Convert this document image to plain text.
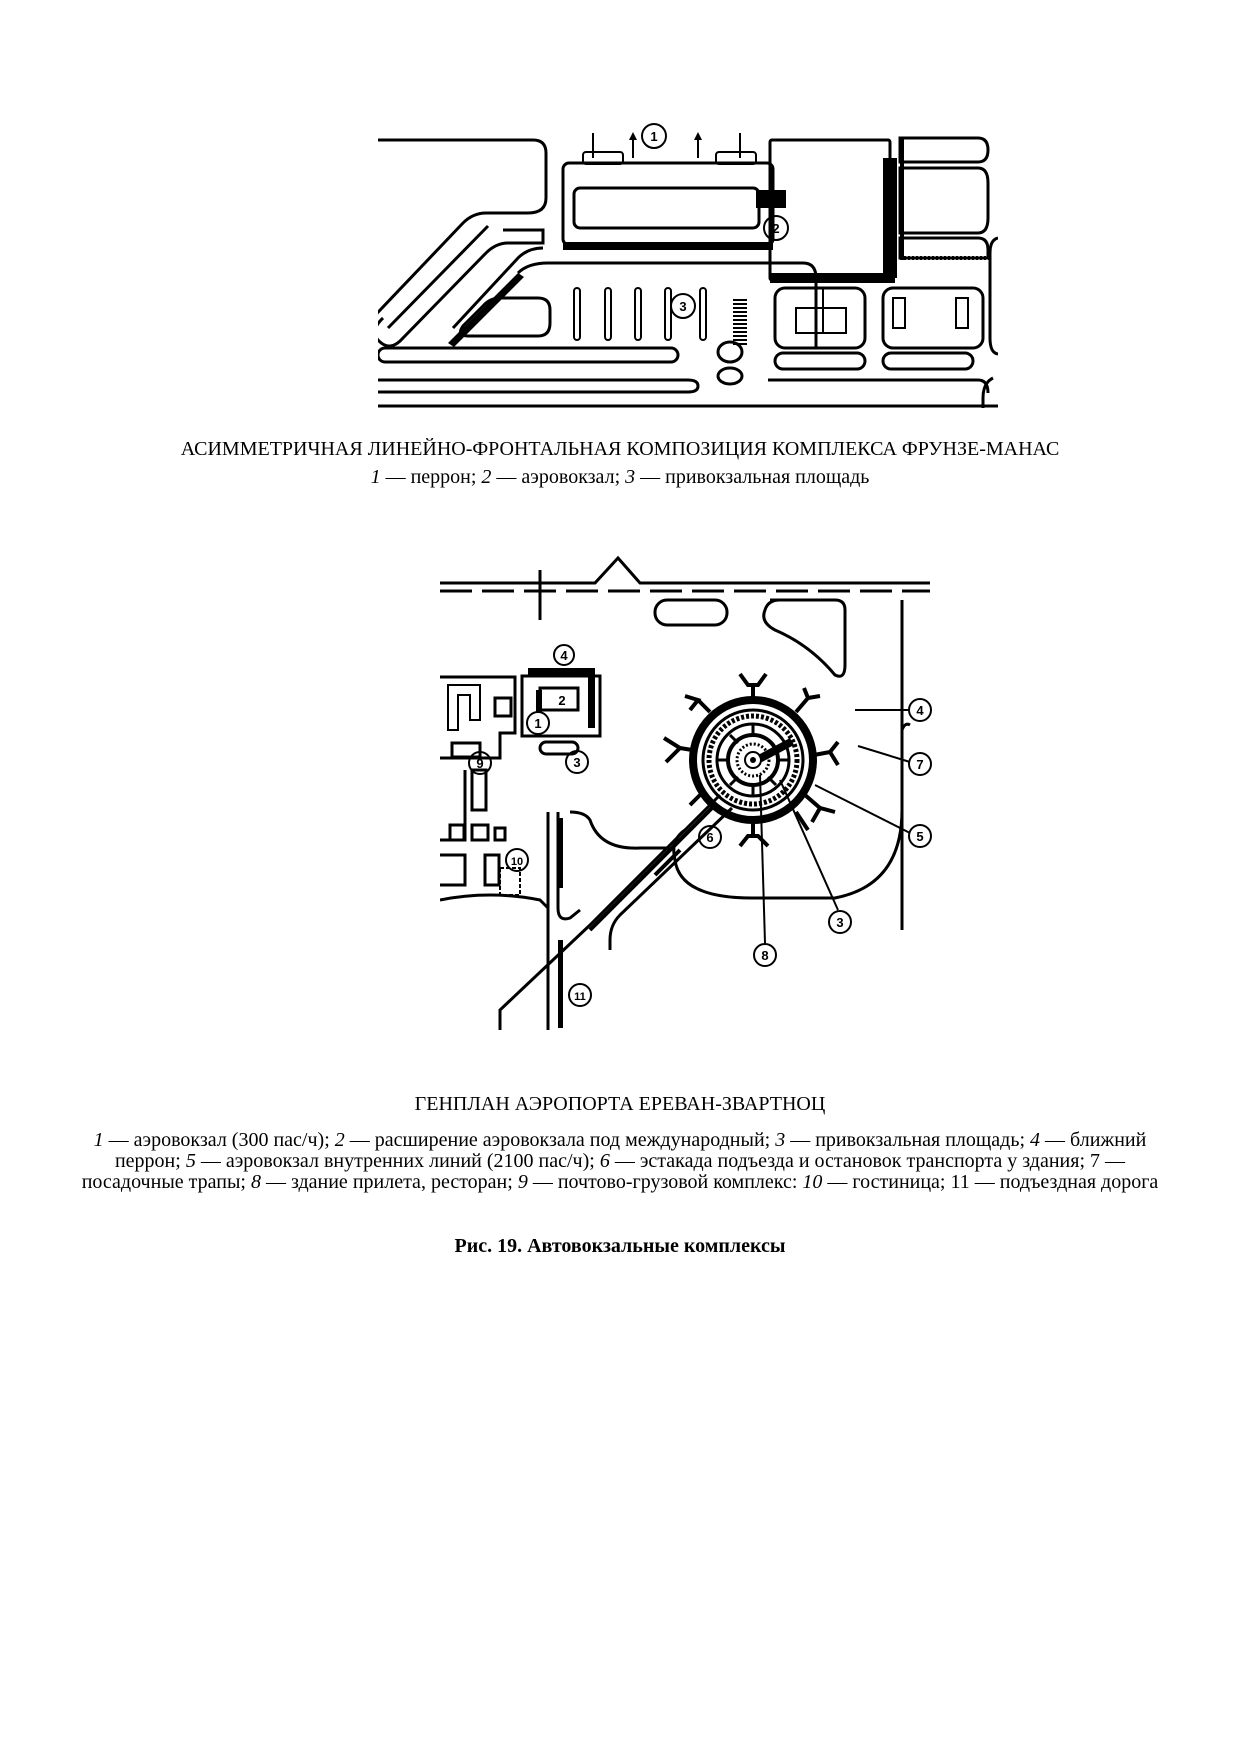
1
2
3
АСИММЕТРИЧНАЯ ЛИНЕЙНО-ФРОНТАЛЬНАЯ КОМПОЗИЦИЯ КОМПЛЕКСА ФРУНЗЕ-МАНАС
1 — перрон; 2 — аэровокзал; 3 — привокзальная площадь
4
2
1
3
4
7
5
6
3
8
9
10
11
ГЕНПЛАН АЭРОПОРТА ЕРЕВАН-ЗВАРТНОЦ
1 — аэровокзал (300 пас/ч); 2 — расширение аэровокзала под международный; 3 — привокзальная площадь; 4 — ближний перрон; 5 — аэровокзал внутренних линий (2100 пас/ч); 6 — эстакада подъезда и остановок транспорта у здания; 7 — посадочные трапы; 8 — здание прилета, ресторан; 9 — почтово-грузовой комплекс: 10 — гостиница; 11 — подъездная дорога
Рис. 19. Автовокзальные комплексы
